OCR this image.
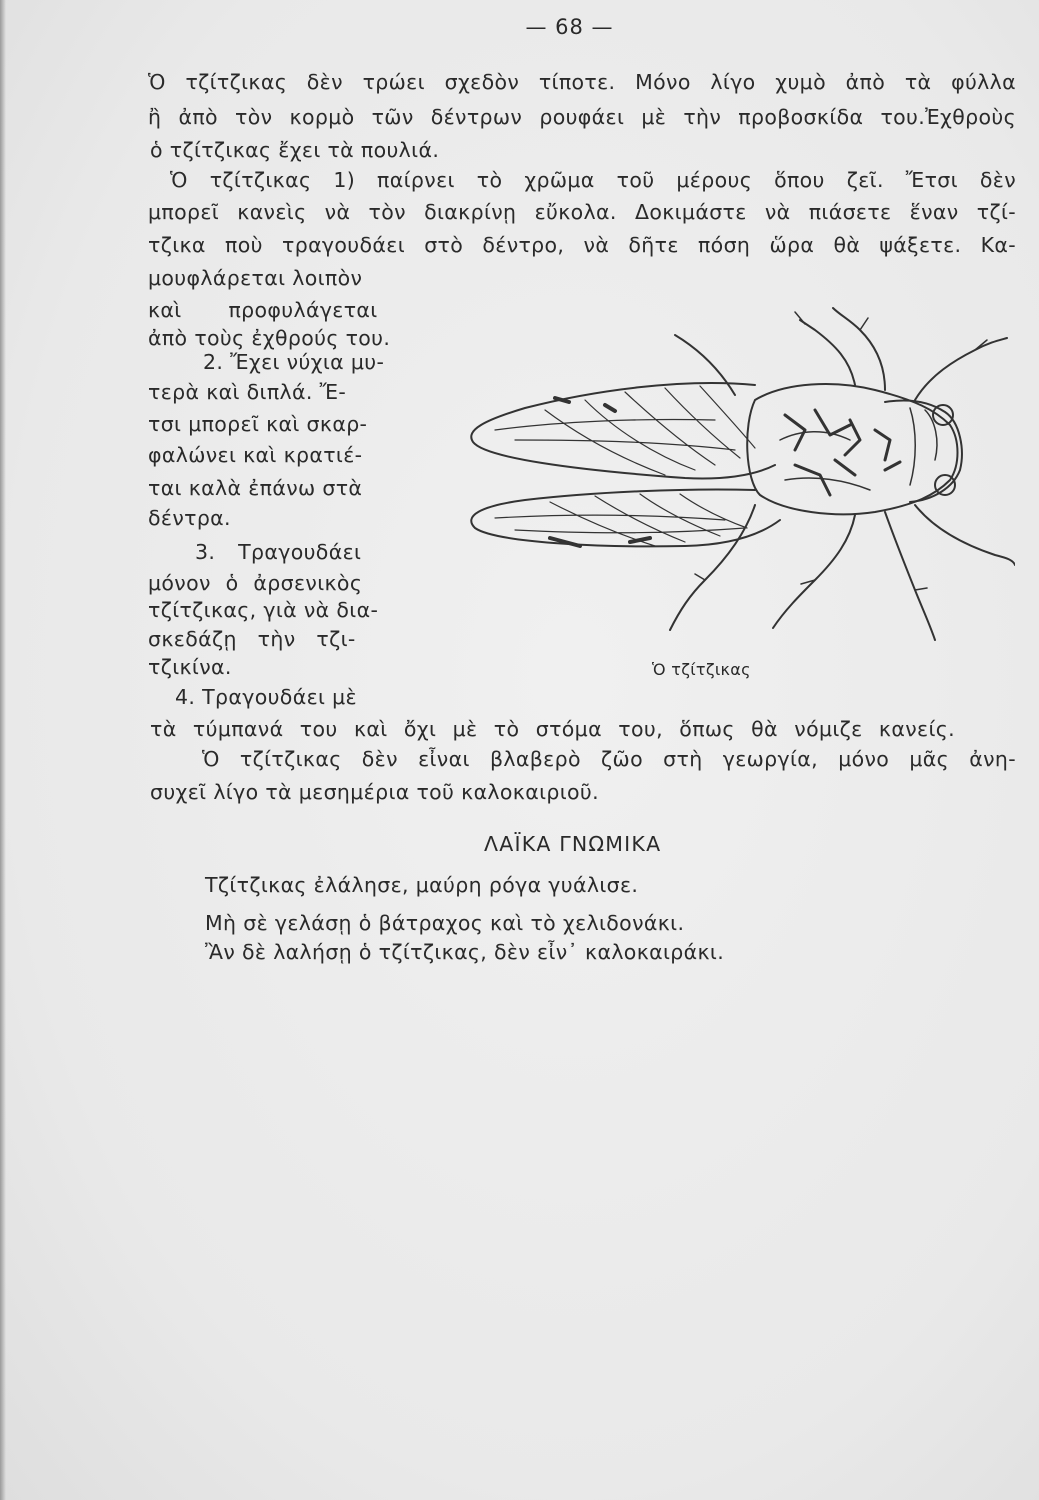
— 68 —
Ὁ τζίτζικας δὲν τρώει σχεδὸν τίποτε. Μόνο λίγο χυμὸ ἀπὸ τὰ φύλλα
ἢ ἀπὸ τὸν κορμὸ τῶν δέντρων ρουφάει μὲ τὴν προβοσκίδα του.Ἐχθροὺς
ὁ τζίτζικας ἔχει τὰ πουλιά.
Ὁ τζίτζικας 1) παίρνει τὸ χρῶμα τοῦ μέρους ὅπου ζεῖ. Ἔτσι δὲν
μπορεῖ κανεὶς νὰ τὸν διακρίνῃ εὔκολα. Δοκιμάστε νὰ πιάσετε ἕναν τζί-
τζικα ποὺ τραγουδάει στὸ δέντρο, νὰ δῆτε πόση ὥρα θὰ ψάξετε. Κα-
μουφλάρεται λοιπὸν
καὶ προφυλάγεται
ἀπὸ τοὺς ἐχθρούς του.
2. Ἔχει νύχια μυ-
τερὰ καὶ διπλά. Ἔ-
τσι μπορεῖ καὶ σκαρ-
φαλώνει καὶ κρατιέ-
ται καλὰ ἐπάνω στὰ
δέντρα.
3. Τραγουδάει
μόνον ὁ ἀρσενικὸς
τζίτζικας, γιὰ νὰ δια-
σκεδάζῃ τὴν τζι-
τζικίνα.
4. Τραγουδάει μὲ
Ὁ τζίτζικας
τὰ τύμπανά του καὶ ὄχι μὲ τὸ στόμα του, ὅπως θὰ νόμιζε κανείς.
Ὁ τζίτζικας δὲν εἶναι βλαβερὸ ζῶο στὴ γεωργία, μόνο μᾶς ἀνη-
συχεῖ λίγο τὰ μεσημέρια τοῦ καλοκαιριοῦ.
ΛΑΪΚΑ ΓΝΩΜΙΚΑ
Τζίτζικας ἐλάλησε, μαύρη ρόγα γυάλισε.
Μὴ σὲ γελάσῃ ὁ βάτραχος καὶ τὸ χελιδονάκι.
Ἂν δὲ λαλήσῃ ὁ τζίτζικας, δὲν εἶν᾽ καλοκαιράκι.
